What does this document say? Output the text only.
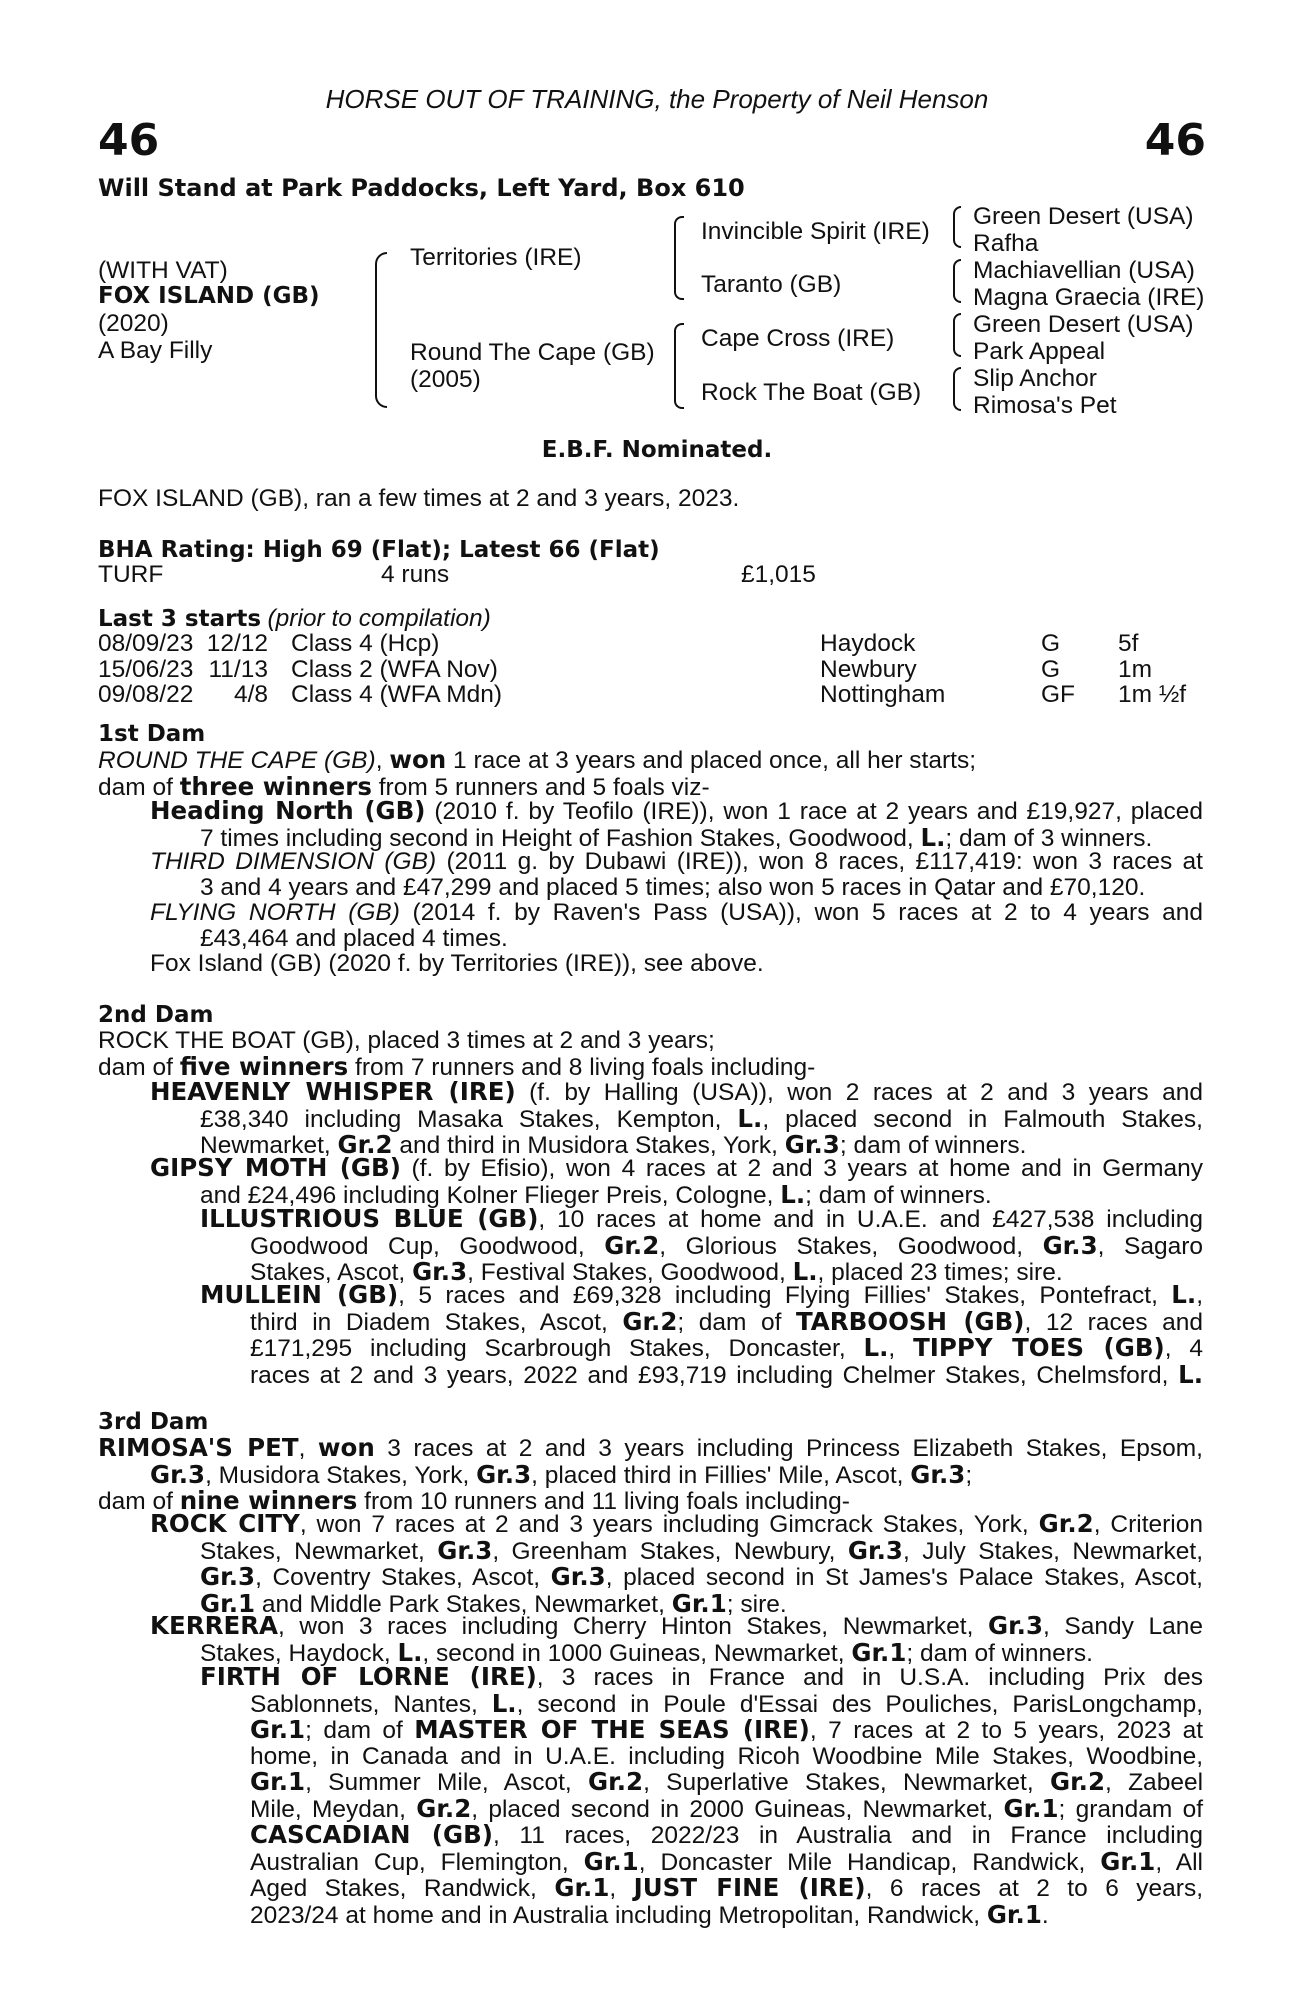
HORSE OUT OF TRAINING, the Property of Neil Henson
46	46
Will Stand at Park Paddocks, Left Yard, Box 610
(WITH VAT)
FOX ISLAND (GB)
(2020)
A Bay Filly
Territories (IRE)
Round The Cape (GB)
(2005)
Invincible Spirit (IRE)
Taranto (GB)
Cape Cross (IRE)
Rock The Boat (GB)
Green Desert (USA)
Rafha
Machiavellian (USA)
Magna Graecia (IRE)
Green Desert (USA)
Park Appeal
Slip Anchor
Rimosa's Pet
E.B.F. Nominated.
FOX ISLAND (GB), ran a few times at 2 and 3 years, 2023.
BHA Rating: High 69 (Flat); Latest 66 (Flat)
TURF	4 runs	£1,015
Last 3 starts (prior to compilation)
08/09/23 12/12 Class 4 (Hcp)	Haydock	G 5f
15/06/23 11/13 Class 2 (WFA Nov)	Newbury	G 1m
09/08/22 4/8 Class 4 (WFA Mdn)	Nottingham	GF 1m ½f
1st Dam
ROUND THE CAPE (GB), won 1 race at 3 years and placed once, all her starts;
dam of three winners from 5 runners and 5 foals viz-
Heading North (GB) (2010 f. by Teofilo (IRE)), won 1 race at 2 years and £19,927, placed
7 times including second in Height of Fashion Stakes, Goodwood, L.; dam of 3 winners.
THIRD DIMENSION (GB) (2011 g. by Dubawi (IRE)), won 8 races, £117,419: won 3 races at
3 and 4 years and £47,299 and placed 5 times; also won 5 races in Qatar and £70,120.
FLYING NORTH (GB) (2014 f. by Raven's Pass (USA)), won 5 races at 2 to 4 years and
£43,464 and placed 4 times.
Fox Island (GB) (2020 f. by Territories (IRE)), see above.
2nd Dam
ROCK THE BOAT (GB), placed 3 times at 2 and 3 years;
dam of five winners from 7 runners and 8 living foals including-
HEAVENLY WHISPER (IRE) (f. by Halling (USA)), won 2 races at 2 and 3 years and
£38,340 including Masaka Stakes, Kempton, L., placed second in Falmouth Stakes,
Newmarket, Gr.2 and third in Musidora Stakes, York, Gr.3; dam of winners.
GIPSY MOTH (GB) (f. by Efisio), won 4 races at 2 and 3 years at home and in Germany
and £24,496 including Kolner Flieger Preis, Cologne, L.; dam of winners.
ILLUSTRIOUS BLUE (GB), 10 races at home and in U.A.E. and £427,538 including
Goodwood Cup, Goodwood, Gr.2, Glorious Stakes, Goodwood, Gr.3, Sagaro
Stakes, Ascot, Gr.3, Festival Stakes, Goodwood, L., placed 23 times; sire.
MULLEIN (GB), 5 races and £69,328 including Flying Fillies' Stakes, Pontefract, L.,
third in Diadem Stakes, Ascot, Gr.2; dam of TARBOOSH (GB), 12 races and
£171,295 including Scarbrough Stakes, Doncaster, L., TIPPY TOES (GB), 4
races at 2 and 3 years, 2022 and £93,719 including Chelmer Stakes, Chelmsford, L.
3rd Dam
RIMOSA'S PET, won 3 races at 2 and 3 years including Princess Elizabeth Stakes, Epsom,
Gr.3, Musidora Stakes, York, Gr.3, placed third in Fillies' Mile, Ascot, Gr.3;
dam of nine winners from 10 runners and 11 living foals including-
ROCK CITY, won 7 races at 2 and 3 years including Gimcrack Stakes, York, Gr.2, Criterion
Stakes, Newmarket, Gr.3, Greenham Stakes, Newbury, Gr.3, July Stakes, Newmarket,
Gr.3, Coventry Stakes, Ascot, Gr.3, placed second in St James's Palace Stakes, Ascot,
Gr.1 and Middle Park Stakes, Newmarket, Gr.1; sire.
KERRERA, won 3 races including Cherry Hinton Stakes, Newmarket, Gr.3, Sandy Lane
Stakes, Haydock, L., second in 1000 Guineas, Newmarket, Gr.1; dam of winners.
FIRTH OF LORNE (IRE), 3 races in France and in U.S.A. including Prix des
Sablonnets, Nantes, L., second in Poule d'Essai des Pouliches, ParisLongchamp,
Gr.1; dam of MASTER OF THE SEAS (IRE), 7 races at 2 to 5 years, 2023 at
home, in Canada and in U.A.E. including Ricoh Woodbine Mile Stakes, Woodbine,
Gr.1, Summer Mile, Ascot, Gr.2, Superlative Stakes, Newmarket, Gr.2, Zabeel
Mile, Meydan, Gr.2, placed second in 2000 Guineas, Newmarket, Gr.1; grandam of
CASCADIAN (GB), 11 races, 2022/23 in Australia and in France including
Australian Cup, Flemington, Gr.1, Doncaster Mile Handicap, Randwick, Gr.1, All
Aged Stakes, Randwick, Gr.1, JUST FINE (IRE), 6 races at 2 to 6 years,
2023/24 at home and in Australia including Metropolitan, Randwick, Gr.1.
